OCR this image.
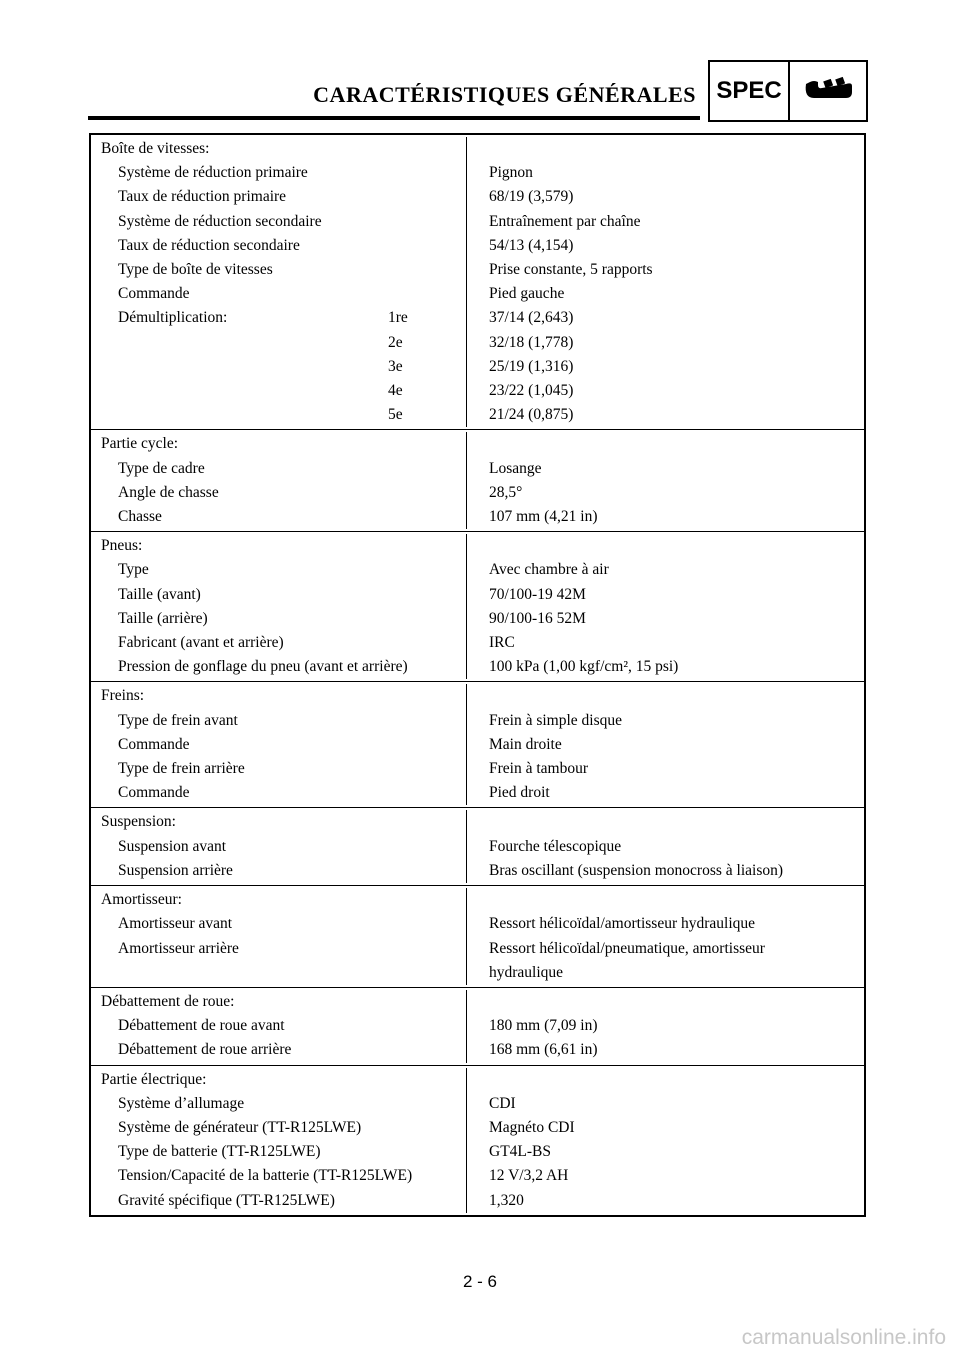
CARACTÉRISTIQUES GÉNÉRALES SPEC
Boîte de vitesses:
Système de réduction primaire	Pignon
Taux de réduction primaire	68/19 (3,579)
Système de réduction secondaire	Entraînement par chaîne
Taux de réduction secondaire	54/13 (4,154)
Type de boîte de vitesses	Prise constante, 5 rapports
Commande	Pied gauche
Démultiplication:	1re	37/14 (2,643)
2e	32/18 (1,778)
3e	25/19 (1,316)
4e	23/22 (1,045)
5e	21/24 (0,875)
Partie cycle:
Type de cadre	Losange
Angle de chasse	28,5°
Chasse	107 mm (4,21 in)
Pneus:
Type	Avec chambre à air
Taille (avant)	70/100-19 42M
Taille (arrière)	90/100-16 52M
Fabricant (avant et arrière)	IRC
Pression de gonflage du pneu (avant et arrière)	100 kPa (1,00 kgf/cm², 15 psi)
Freins:
Type de frein avant	Frein à simple disque
Commande	Main droite
Type de frein arrière	Frein à tambour
Commande	Pied droit
Suspension:
Suspension avant	Fourche télescopique
Suspension arrière	Bras oscillant (suspension monocross à liaison)
Amortisseur:
Amortisseur avant	Ressort hélicoïdal/amortisseur hydraulique
Amortisseur arrière	Ressort hélicoïdal/pneumatique, amortisseur
hydraulique
Débattement de roue:
Débattement de roue avant	180 mm (7,09 in)
Débattement de roue arrière	168 mm (6,61 in)
Partie électrique:
Système d’allumage	CDI
Système de générateur (TT-R125LWE)	Magnéto CDI
Type de batterie (TT-R125LWE)	GT4L-BS
Tension/Capacité de la batterie (TT-R125LWE)	12 V/3,2 AH
Gravité spécifique (TT-R125LWE)	1,320
2 - 6
carmanualsonline.info
